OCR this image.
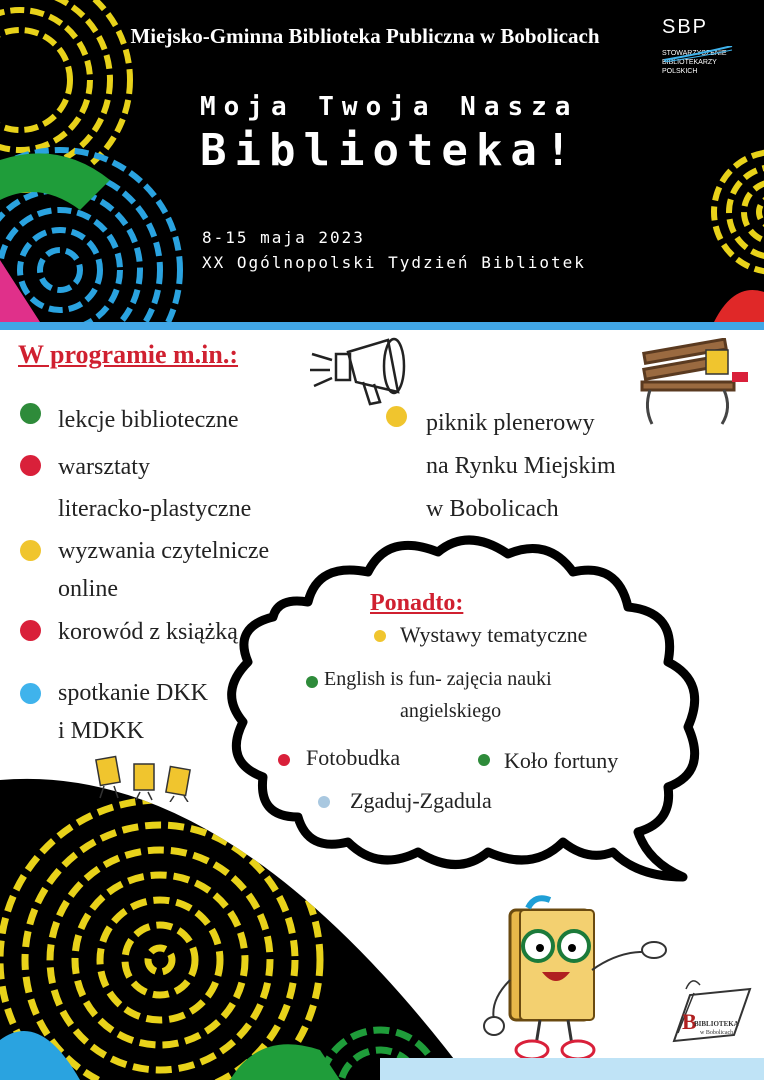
Miejsko-Gminna Biblioteka Publiczna w Bobolicach	SBP
STOWARZYSZENIE
BIBLIOTEKARZY
POLSKICH
Moja Twoja Nasza
Biblioteka!
8-15 maja 2023
XX Ogólnopolski Tydzień Bibliotek
W programie m.in.:
lekcje biblioteczne
warsztaty
literacko-plastyczne
wyzwania czytelnicze
online
korowód z książką
spotkanie DKK
i MDKK
piknik plenerowy
na Rynku Miejskim
w Bobolicach
Ponadto:
Wystawy tematyczne
English is fun- zajęcia nauki
angielskiego
Fotobudka	Koło fortuny
Zgaduj-Zgadula
B
BIBLIOTEKA
w Bobolicach
